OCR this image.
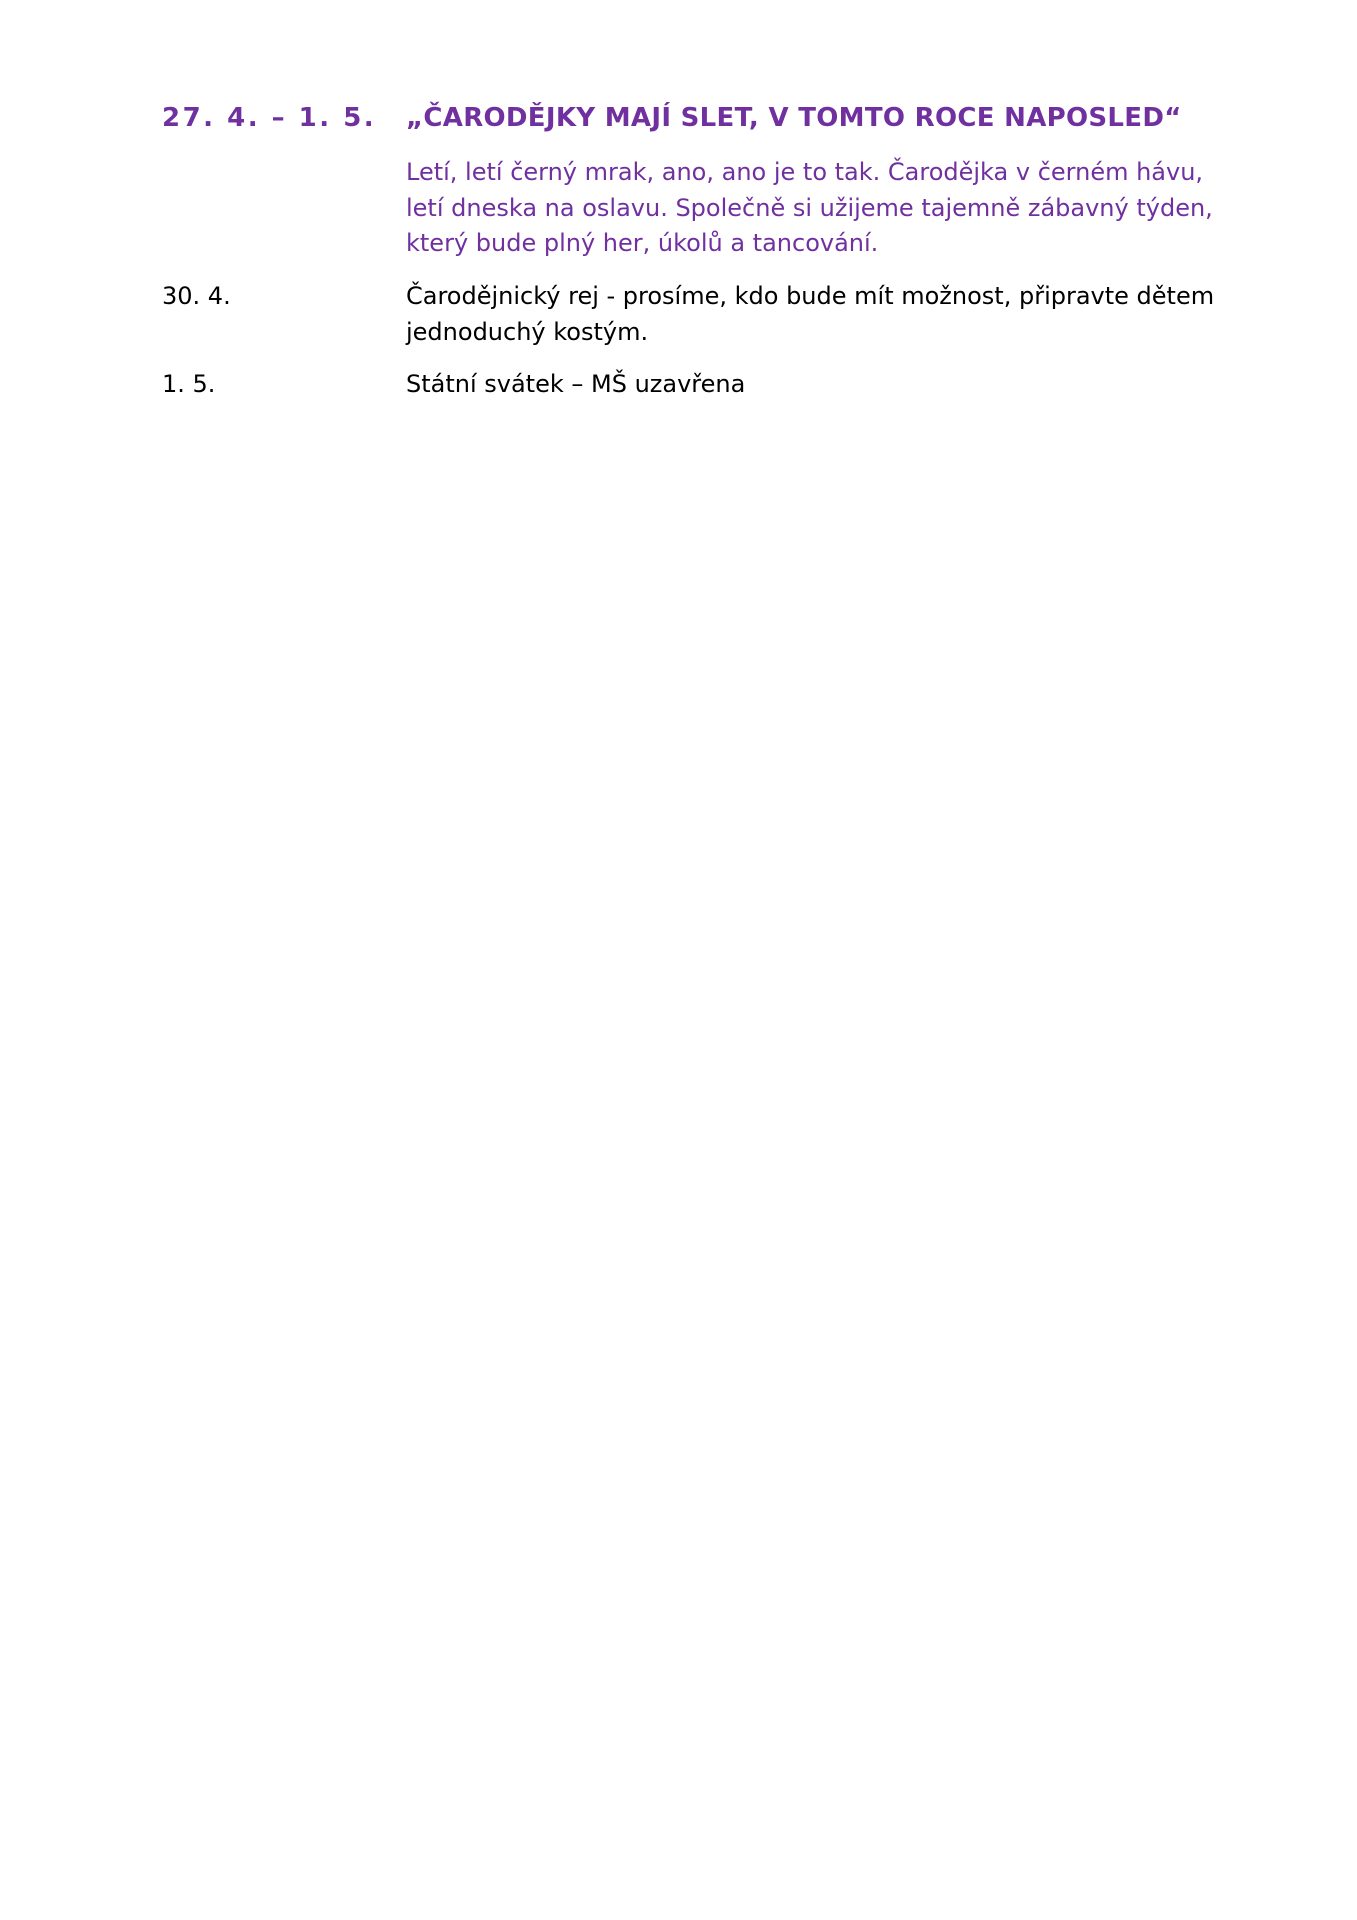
27. 4. – 1. 5.	„ČARODĚJKY MAJÍ SLET, V TOMTO ROCE NAPOSLED“
Letí, letí černý mrak, ano, ano je to tak. Čarodějka v černém hávu,
letí dneska na oslavu. Společně si užijeme tajemně zábavný týden,
který bude plný her, úkolů a tancování.
30. 4.	Čarodějnický rej - prosíme, kdo bude mít možnost, připravte dětem
jednoduchý kostým.
1. 5.	Státní svátek – MŠ uzavřena
